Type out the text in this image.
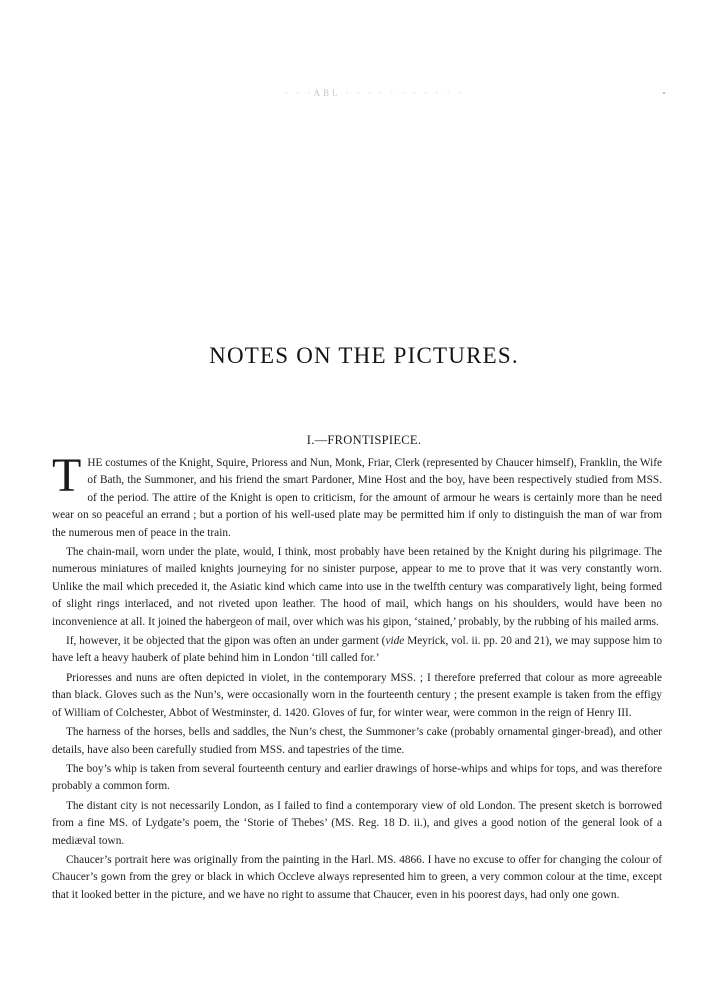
· · ·ABL · · · · · · · · · · ·
NOTES ON THE PICTURES.
I.—FRONTISPIECE.

THE costumes of the Knight, Squire, Prioress and Nun, Monk, Friar, Clerk (represented by Chaucer himself), Franklin, the Wife of Bath, the Summoner, and his friend the smart Pardoner, Mine Host and the boy, have been respectively studied from MSS. of the period. The attire of the Knight is open to criticism, for the amount of armour he wears is certainly more than he need wear on so peaceful an errand ; but a portion of his well-used plate may be permitted him if only to distinguish the man of war from the numerous men of peace in the train.

The chain-mail, worn under the plate, would, I think, most probably have been retained by the Knight during his pilgrimage. The numerous miniatures of mailed knights journeying for no sinister purpose, appear to me to prove that it was very constantly worn. Unlike the mail which preceded it, the Asiatic kind which came into use in the twelfth century was comparatively light, being formed of slight rings interlaced, and not riveted upon leather. The hood of mail, which hangs on his shoulders, would have been no inconvenience at all. It joined the habergeon of mail, over which was his gipon, ‘stained,’ probably, by the rubbing of his mailed arms.

If, however, it be objected that the gipon was often an under garment (vide Meyrick, vol. ii. pp. 20 and 21), we may suppose him to have left a heavy hauberk of plate behind him in London ‘till called for.’

Prioresses and nuns are often depicted in violet, in the contemporary MSS. ; I therefore preferred that colour as more agreeable than black. Gloves such as the Nun’s, were occasionally worn in the fourteenth century ; the present example is taken from the effigy of William of Colchester, Abbot of Westminster, d. 1420. Gloves of fur, for winter wear, were common in the reign of Henry III.

The harness of the horses, bells and saddles, the Nun’s chest, the Summoner’s cake (probably ornamental ginger-bread), and other details, have also been carefully studied from MSS. and tapestries of the time.

The boy’s whip is taken from several fourteenth century and earlier drawings of horse-whips and whips for tops, and was therefore probably a common form.

The distant city is not necessarily London, as I failed to find a contemporary view of old London. The present sketch is borrowed from a fine MS. of Lydgate’s poem, the ‘Storie of Thebes’ (MS. Reg. 18 D. ii.), and gives a good notion of the general look of a mediæval town.

Chaucer’s portrait here was originally from the painting in the Harl. MS. 4866. I have no excuse to offer for changing the colour of Chaucer’s gown from the grey or black in which Occleve always represented him to green, a very common colour at the time, except that it looked better in the picture, and we have no right to assume that Chaucer, even in his poorest days, had only one gown.
